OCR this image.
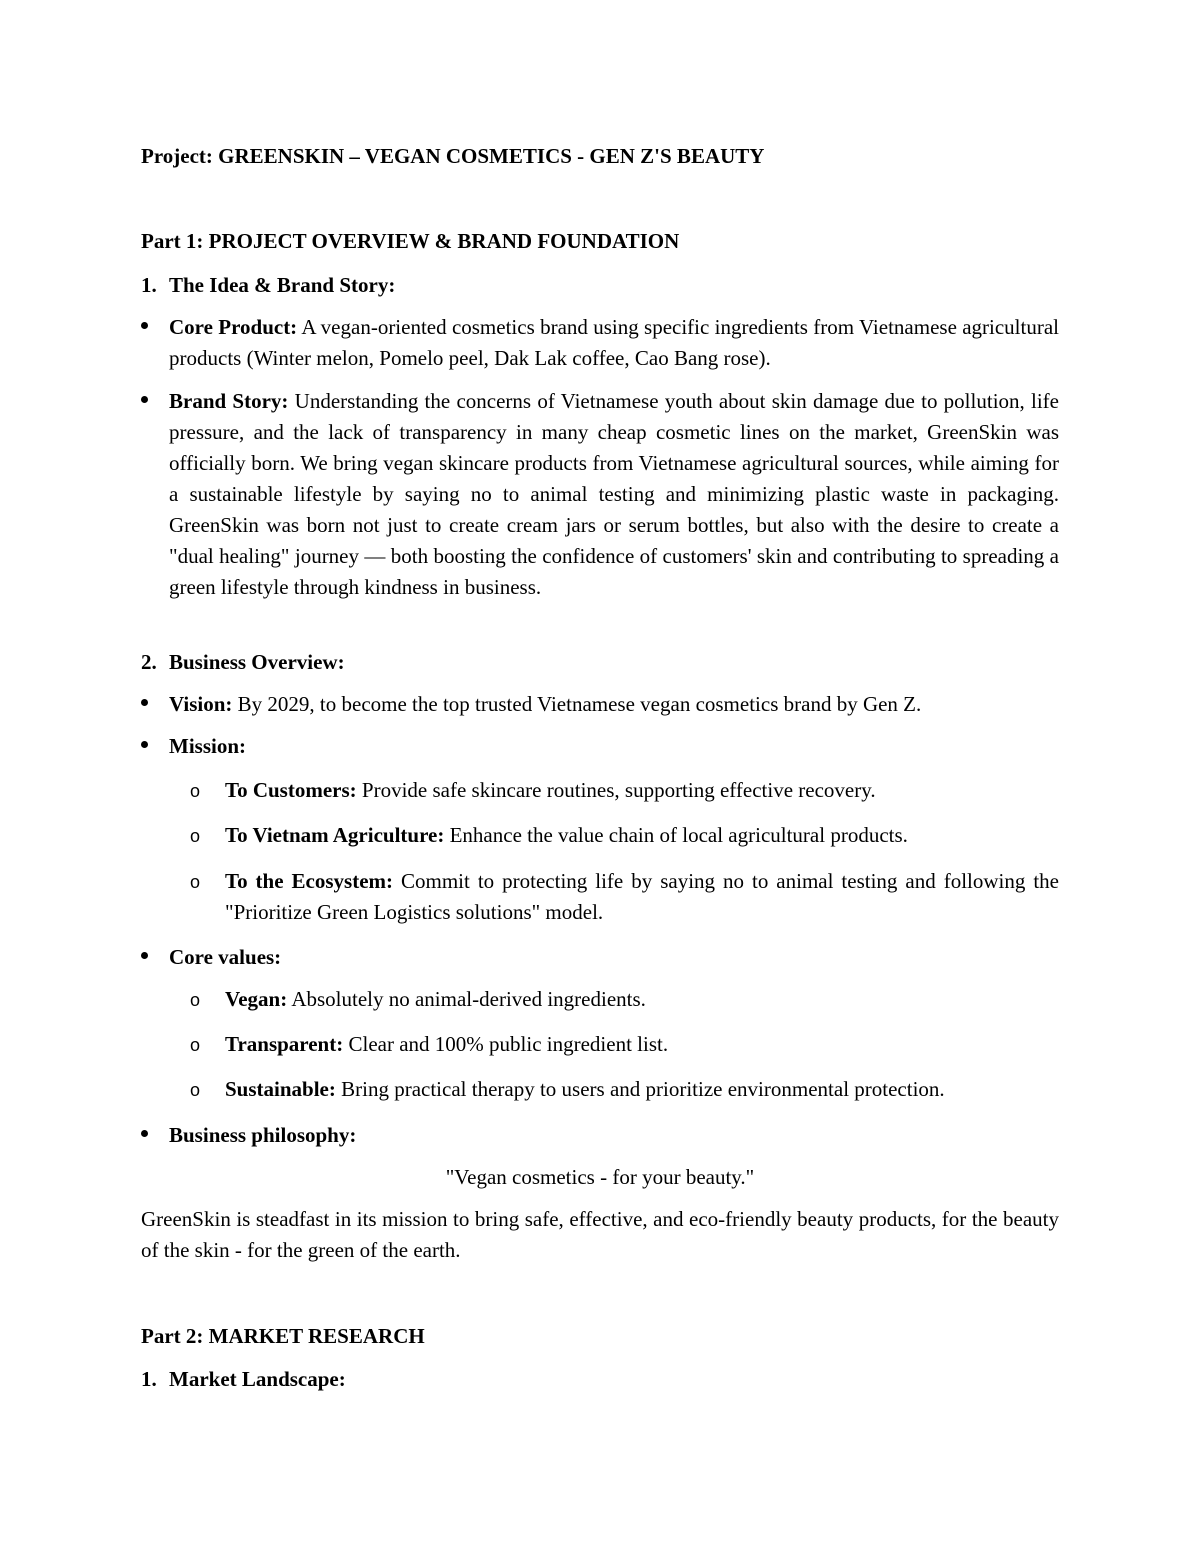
Project: GREENSKIN – VEGAN COSMETICS - GEN Z'S BEAUTY
Part 1: PROJECT OVERVIEW & BRAND FOUNDATION
1. The Idea & Brand Story:
Core Product: A vegan-oriented cosmetics brand using specific ingredients from Vietnamese agricultural products (Winter melon, Pomelo peel, Dak Lak coffee, Cao Bang rose).
Brand Story: Understanding the concerns of Vietnamese youth about skin damage due to pollution, life pressure, and the lack of transparency in many cheap cosmetic lines on the market, GreenSkin was officially born. We bring vegan skincare products from Vietnamese agricultural sources, while aiming for a sustainable lifestyle by saying no to animal testing and minimizing plastic waste in packaging. GreenSkin was born not just to create cream jars or serum bottles, but also with the desire to create a "dual healing" journey — both boosting the confidence of customers' skin and contributing to spreading a green lifestyle through kindness in business.
2. Business Overview:
Vision: By 2029, to become the top trusted Vietnamese vegan cosmetics brand by Gen Z.
Mission:
o To Customers: Provide safe skincare routines, supporting effective recovery.
o To Vietnam Agriculture: Enhance the value chain of local agricultural products.
o To the Ecosystem: Commit to protecting life by saying no to animal testing and following the "Prioritize Green Logistics solutions" model.
Core values:
o Vegan: Absolutely no animal-derived ingredients.
o Transparent: Clear and 100% public ingredient list.
o Sustainable: Bring practical therapy to users and prioritize environmental protection.
Business philosophy:
"Vegan cosmetics - for your beauty."
GreenSkin is steadfast in its mission to bring safe, effective, and eco-friendly beauty products, for the beauty of the skin - for the green of the earth.
Part 2: MARKET RESEARCH
1. Market Landscape:
